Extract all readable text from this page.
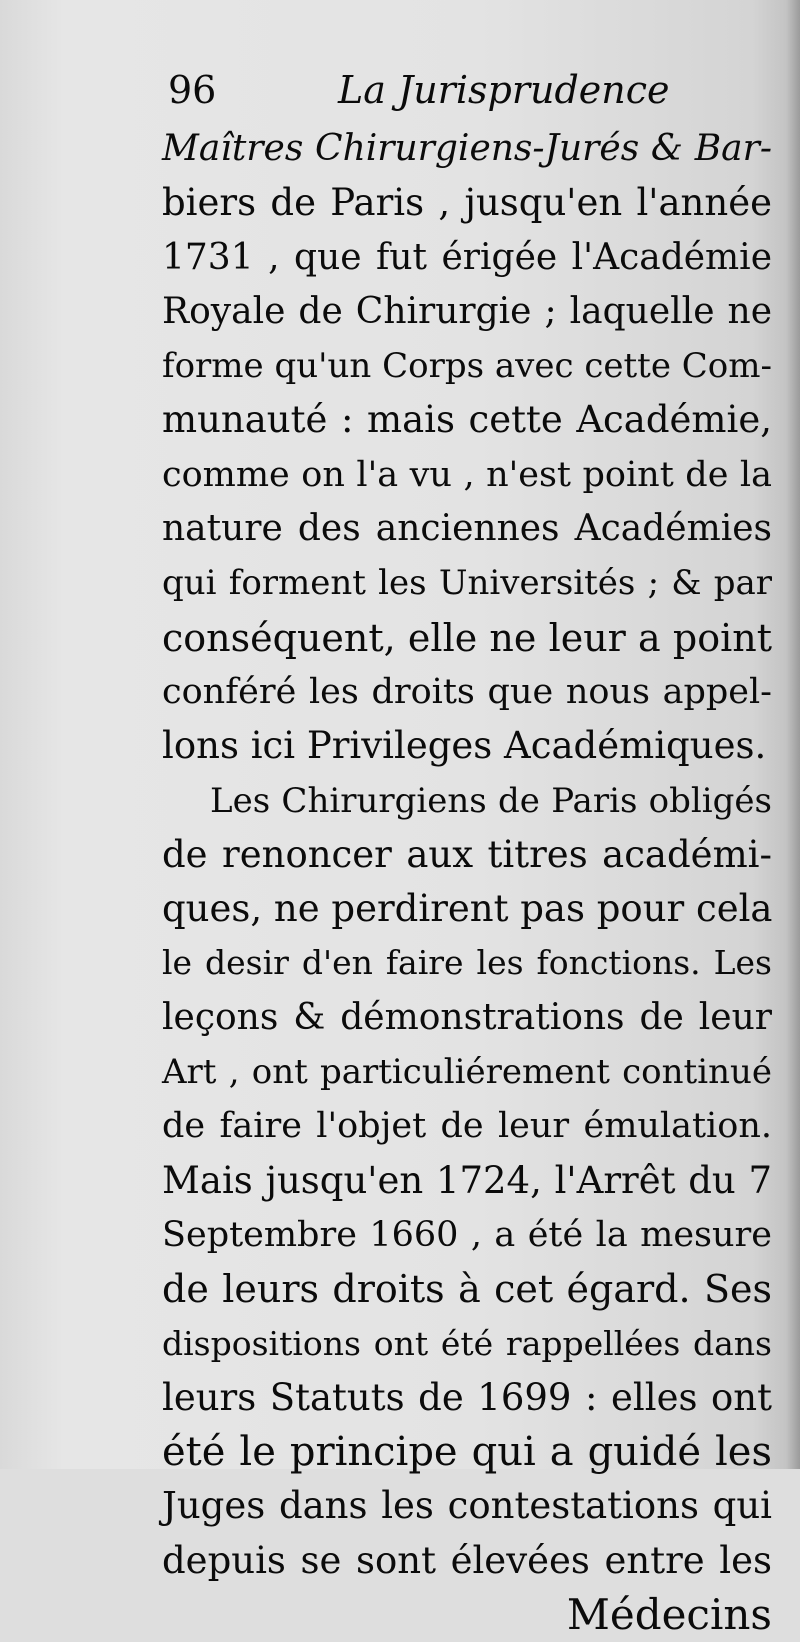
96	La Jurisprudence
Maîtres Chirurgiens-Jurés & Bar-
biers de Paris , jusqu'en l'année
1731 , que fut érigée l'Académie
Royale de Chirurgie ; laquelle ne
forme qu'un Corps avec cette Com-
munauté : mais cette Académie,
comme on l'a vu , n'est point de la
nature des anciennes Académies
qui forment les Universités ; & par
conséquent, elle ne leur a point
conféré les droits que nous appel-
lons ici Privileges Académiques.
Les Chirurgiens de Paris obligés
de renoncer aux titres académi-
ques, ne perdirent pas pour cela
le desir d'en faire les fonctions. Les
leçons & démonstrations de leur
Art , ont particuliérement continué
de faire l'objet de leur émulation.
Mais jusqu'en 1724, l'Arrêt du 7
Septembre 1660 , a été la mesure
de leurs droits à cet égard. Ses
dispositions ont été rappellées dans
leurs Statuts de 1699 : elles ont
été le principe qui a guidé les
Juges dans les contestations qui
depuis se sont élevées entre les
Médecins
